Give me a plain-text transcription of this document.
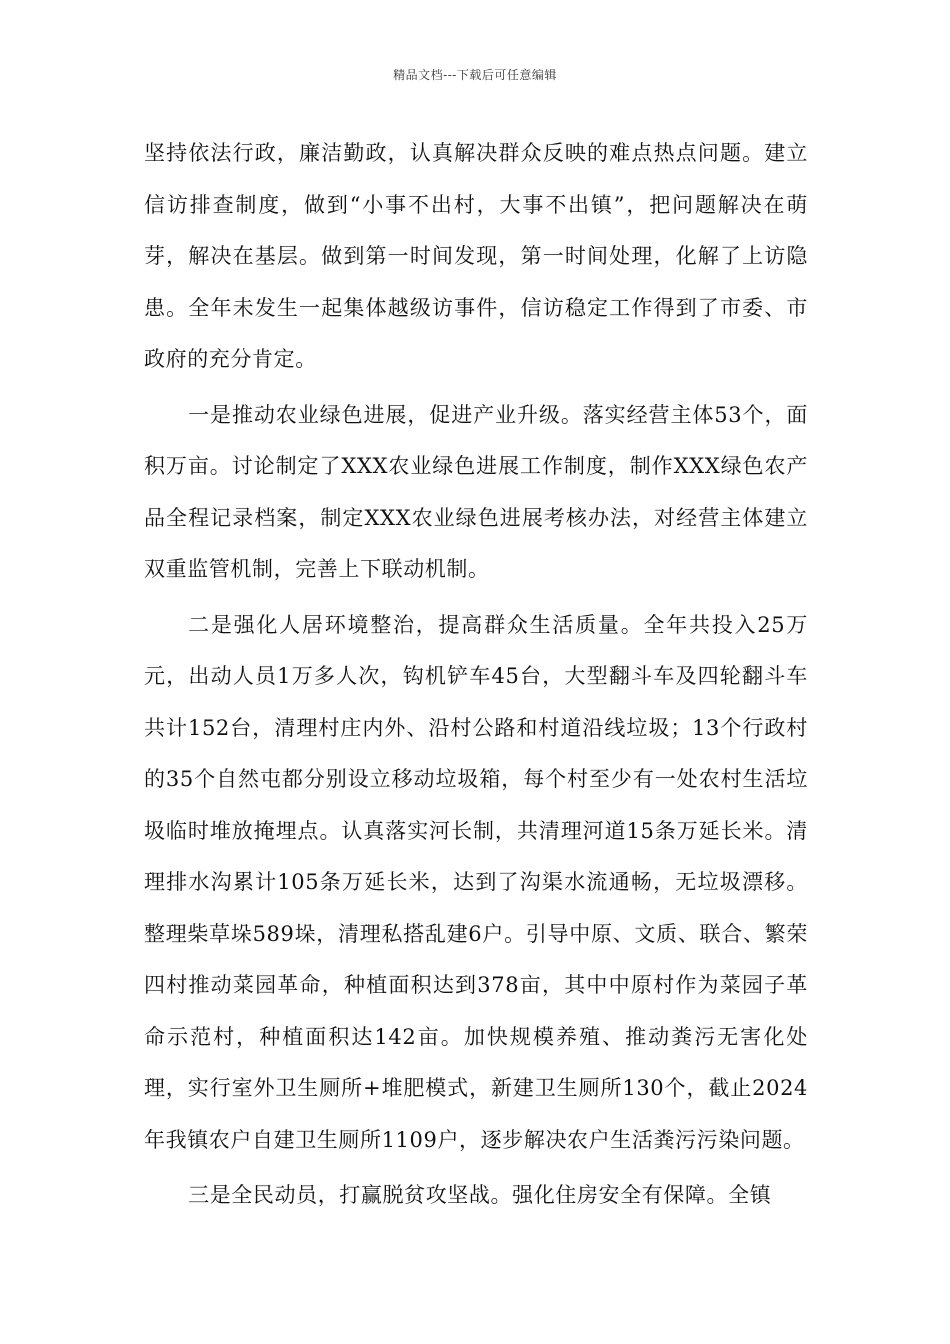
精品文档---下载后可任意编辑

坚持依法行政，廉洁勤政，认真解决群众反映的难点热点问题。建立信访排查制度，做到“小事不出村，大事不出镇”，把问题解决在萌芽，解决在基层。做到第一时间发现，第一时间处理，化解了上访隐患。全年未发生一起集体越级访事件，信访稳定工作得到了市委、市政府的充分肯定。

一是推动农业绿色进展，促进产业升级。落实经营主体53个，面积万亩。讨论制定了XXX农业绿色进展工作制度，制作XXX绿色农产品全程记录档案，制定XXX农业绿色进展考核办法，对经营主体建立双重监管机制，完善上下联动机制。

二是强化人居环境整治，提高群众生活质量。全年共投入25万元，出动人员1万多人次，钩机铲车45台，大型翻斗车及四轮翻斗车共计152台，清理村庄内外、沿村公路和村道沿线垃圾；13个行政村的35个自然屯都分别设立移动垃圾箱，每个村至少有一处农村生活垃圾临时堆放掩埋点。认真落实河长制，共清理河道15条万延长米。清理排水沟累计105条万延长米，达到了沟渠水流通畅，无垃圾漂移。整理柴草垛589垛，清理私搭乱建6户。引导中原、文质、联合、繁荣四村推动菜园革命，种植面积达到378亩，其中中原村作为菜园子革命示范村，种植面积达142亩。加快规模养殖、推动粪污无害化处理，实行室外卫生厕所+堆肥模式，新建卫生厕所130个，截止2024年我镇农户自建卫生厕所1109户，逐步解决农户生活粪污污染问题。

三是全民动员，打赢脱贫攻坚战。强化住房安全有保障。全镇
